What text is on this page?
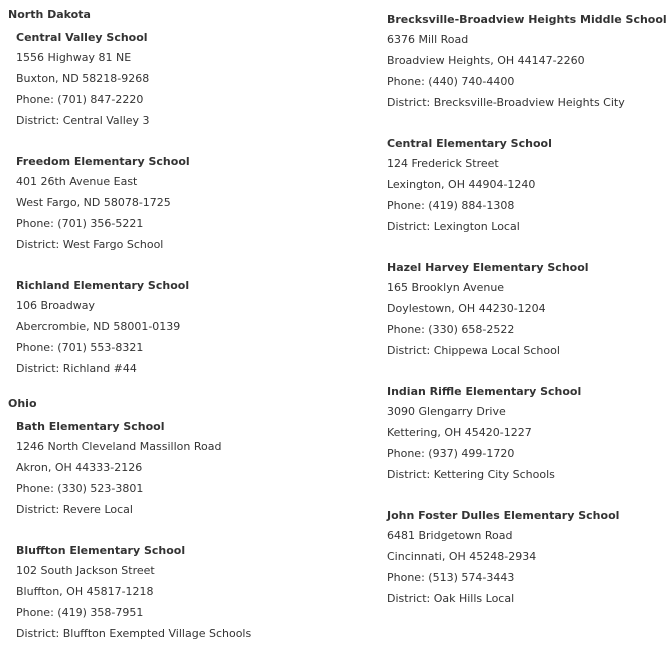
North Dakota
Central Valley School
1556 Highway 81 NE
Buxton, ND 58218-9268
Phone: (701) 847-2220
District: Central Valley 3
Freedom Elementary School
401 26th Avenue East
West Fargo, ND 58078-1725
Phone: (701) 356-5221
District: West Fargo School
Richland Elementary School
106 Broadway
Abercrombie, ND 58001-0139
Phone: (701) 553-8321
District: Richland #44
Ohio
Bath Elementary School
1246 North Cleveland Massillon Road
Akron, OH 44333-2126
Phone: (330) 523-3801
District: Revere Local
Bluffton Elementary School
102 South Jackson Street
Bluffton, OH 45817-1218
Phone: (419) 358-7951
District: Bluffton Exempted Village Schools
Brecksville-Broadview Heights Middle School
6376 Mill Road
Broadview Heights, OH 44147-2260
Phone: (440) 740-4400
District: Brecksville-Broadview Heights City
Central Elementary School
124 Frederick Street
Lexington, OH 44904-1240
Phone: (419) 884-1308
District: Lexington Local
Hazel Harvey Elementary School
165 Brooklyn Avenue
Doylestown, OH 44230-1204
Phone: (330) 658-2522
District: Chippewa Local School
Indian Riffle Elementary School
3090 Glengarry Drive
Kettering, OH 45420-1227
Phone: (937) 499-1720
District: Kettering City Schools
John Foster Dulles Elementary School
6481 Bridgetown Road
Cincinnati, OH 45248-2934
Phone: (513) 574-3443
District: Oak Hills Local
